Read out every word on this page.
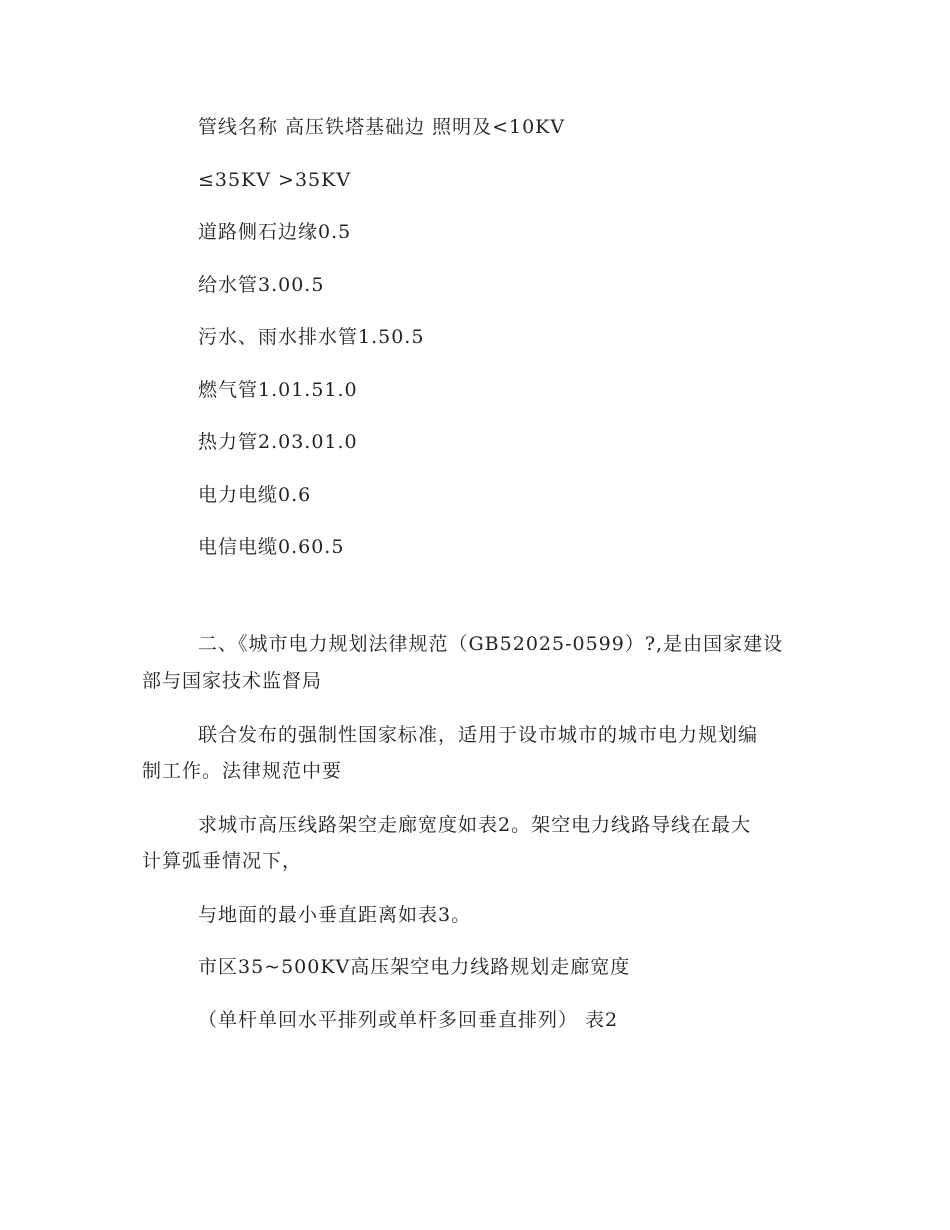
管线名称 高压铁塔基础边 照明及<10KV
≤35KV >35KV
道路侧石边缘0.5
给水管3.00.5
污水、雨水排水管1.50.5
燃气管1.01.51.0
热力管2.03.01.0
电力电缆0.6
电信电缆0.60.5
二、《城市电力规划法律规范（GB52025-0599）?,是由国家建设
部与国家技术监督局
联合发布的强制性国家标准，适用于设市城市的城市电力规划编
制工作。法律规范中要
求城市高压线路架空走廊宽度如表2。架空电力线路导线在最大
计算弧垂情况下，
与地面的最小垂直距离如表3。
市区35~500KV高压架空电力线路规划走廊宽度
（单杆单回水平排列或单杆多回垂直排列） 表2
